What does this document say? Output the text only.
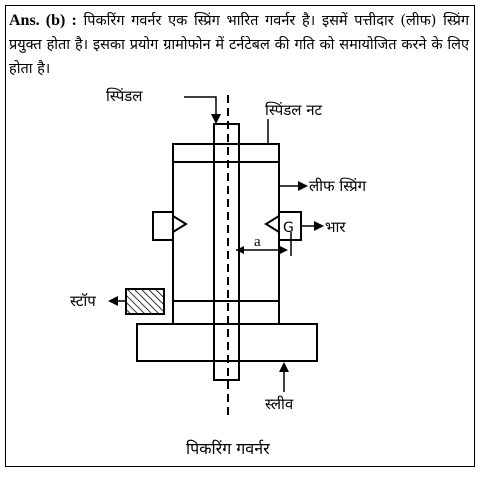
Ans. (b) : पिकरिंग गवर्नर एक स्प्रिंग भारित गवर्नर है। इसमें पत्तीदार (लीफ) स्प्रिंग प्रयुक्त होता है। इसका प्रयोग ग्रामोफोन में टर्नटेबल की गति को समायोजित करने के लिए होता है।
G
स्पिंडल
स्पिंडल नट
लीफ स्प्रिंग
भार
a
स्टॉप
स्लीव
पिकरिंग गवर्नर
